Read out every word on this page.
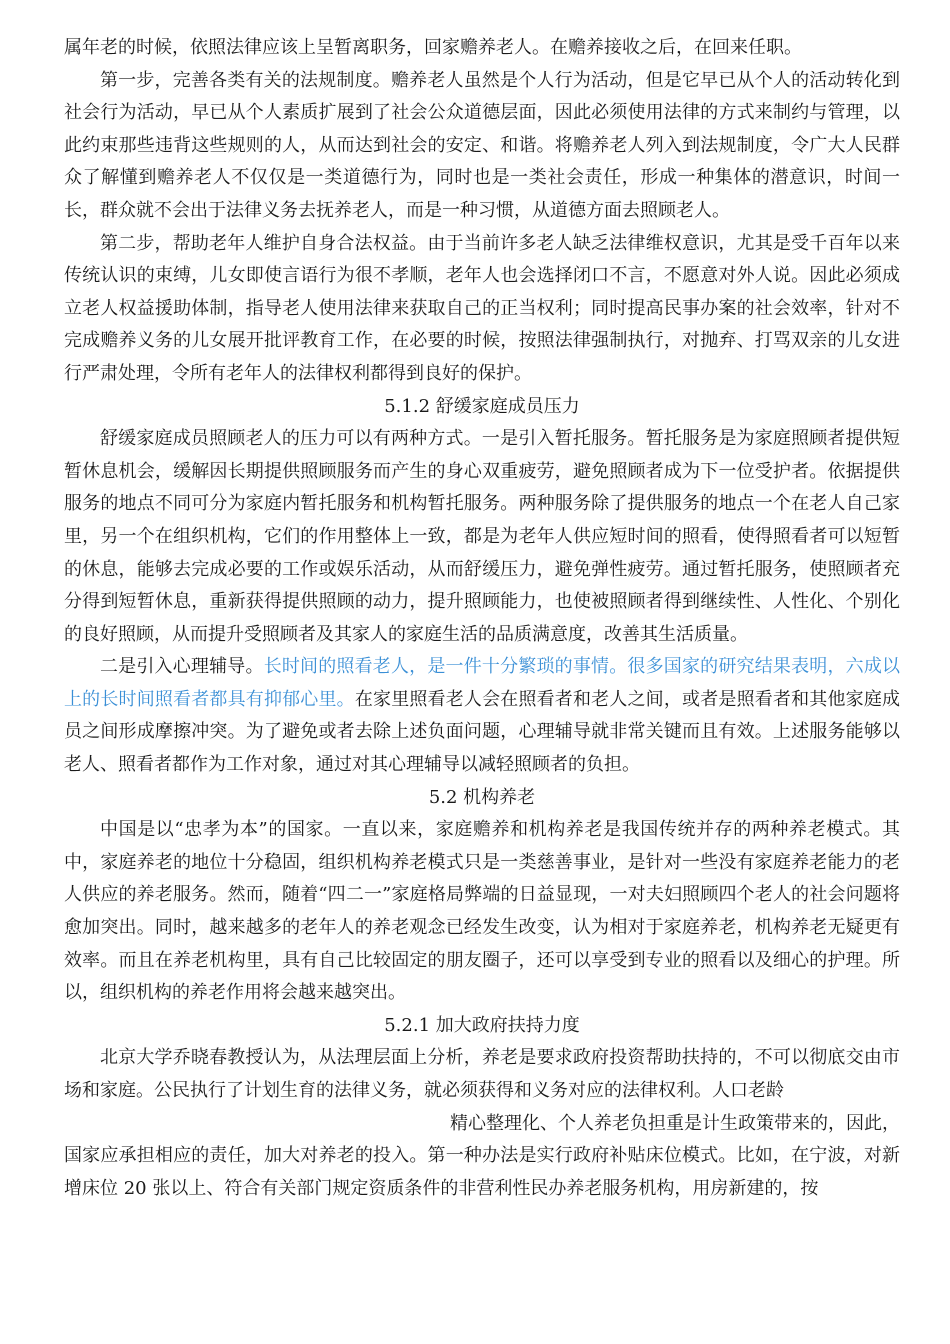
属年老的时候，依照法律应该上呈暂离职务，回家赡养老人。在赡养接收之后，在回来任职。

第一步，完善各类有关的法规制度。赡养老人虽然是个人行为活动，但是它早已从个人的活动转化到社会行为活动，早已从个人素质扩展到了社会公众道德层面，因此必须使用法律的方式来制约与管理，以此约束那些违背这些规则的人，从而达到社会的安定、和谐。将赡养老人列入到法规制度，令广大人民群众了解懂到赡养老人不仅仅是一类道德行为，同时也是一类社会责任，形成一种集体的潜意识，时间一长，群众就不会出于法律义务去抚养老人，而是一种习惯，从道德方面去照顾老人。

第二步，帮助老年人维护自身合法权益。由于当前许多老人缺乏法律维权意识，尤其是受千百年以来传统认识的束缚，儿女即使言语行为很不孝顺，老年人也会选择闭口不言，不愿意对外人说。因此必须成立老人权益援助体制，指导老人使用法律来获取自己的正当权利；同时提高民事办案的社会效率，针对不完成赡养义务的儿女展开批评教育工作，在必要的时候，按照法律强制执行，对抛弃、打骂双亲的儿女进行严肃处理，令所有老年人的法律权利都得到良好的保护。

5.1.2 舒缓家庭成员压力

舒缓家庭成员照顾老人的压力可以有两种方式。一是引入暂托服务。暂托服务是为家庭照顾者提供短暂休息机会，缓解因长期提供照顾服务而产生的身心双重疲劳，避免照顾者成为下一位受护者。依据提供服务的地点不同可分为家庭内暂托服务和机构暂托服务。两种服务除了提供服务的地点一个在老人自己家里，另一个在组织机构，它们的作用整体上一致，都是为老年人供应短时间的照看，使得照看者可以短暂的休息，能够去完成必要的工作或娱乐活动，从而舒缓压力，避免弹性疲劳。通过暂托服务，使照顾者充分得到短暂休息，重新获得提供照顾的动力，提升照顾能力，也使被照顾者得到继续性、人性化、个别化的良好照顾，从而提升受照顾者及其家人的家庭生活的品质满意度，改善其生活质量。

二是引入心理辅导。长时间的照看老人，是一件十分繁琐的事情。很多国家的研究结果表明，六成以上的长时间照看者都具有抑郁心里。在家里照看老人会在照看者和老人之间，或者是照看者和其他家庭成员之间形成摩擦冲突。为了避免或者去除上述负面问题，心理辅导就非常关键而且有效。上述服务能够以老人、照看者都作为工作对象，通过对其心理辅导以减轻照顾者的负担。

5.2 机构养老

中国是以“忠孝为本”的国家。一直以来，家庭赡养和机构养老是我国传统并存的两种养老模式。其中，家庭养老的地位十分稳固，组织机构养老模式只是一类慈善事业，是针对一些没有家庭养老能力的老人供应的养老服务。然而，随着“四二一”家庭格局弊端的日益显现，一对夫妇照顾四个老人的社会问题将愈加突出。同时，越来越多的老年人的养老观念已经发生改变，认为相对于家庭养老，机构养老无疑更有效率。而且在养老机构里，具有自己比较固定的朋友圈子，还可以享受到专业的照看以及细心的护理。所以，组织机构的养老作用将会越来越突出。

5.2.1 加大政府扶持力度

北京大学乔晓春教授认为，从法理层面上分析，养老是要求政府投资帮助扶持的，不可以彻底交由市场和家庭。公民执行了计划生育的法律义务，就必须获得和义务对应的法律权利。人口老龄

精心整理化、个人养老负担重是计生政策带来的，因此，

国家应承担相应的责任，加大对养老的投入。第一种办法是实行政府补贴床位模式。比如，在宁波，对新增床位 20 张以上、符合有关部门规定资质条件的非营利性民办养老服务机构，用房新建的，按
